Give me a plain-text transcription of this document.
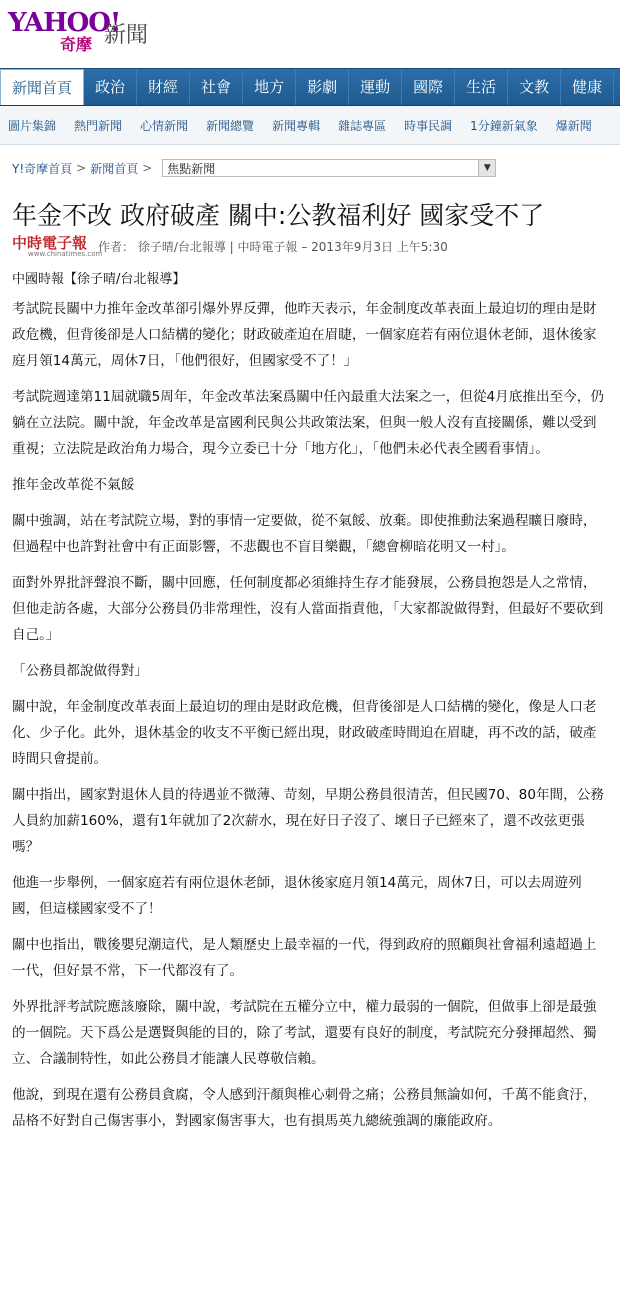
YAHOO!
奇摩 新聞
新聞首頁	政治	財經	社會	地方	影劇	運動	國際	生活	文教	健康
圖片集錦 熱門新聞 心情新聞 新聞總覽 新聞專輯 雜誌專區 時事民調 1分鐘新氣象 爆新聞
Y!奇摩首頁 > 新聞首頁 > 焦點新聞	▼
年金不改 政府破產 關中:公教福利好 國家受不了
中時電子報
www.chinatimes.com
作者： 徐子晴/台北報導 | 中時電子報 – 2013年9月3日 上午5:30
中國時報【徐子晴/台北報導】

考試院長關中力推年金改革卻引爆外界反彈，他昨天表示，年金制度改革表面上最迫切的理由是財政危機，但背後卻是人口結構的變化；財政破產迫在眉睫，一個家庭若有兩位退休老師，退休後家庭月領14萬元，周休7日，「他們很好，但國家受不了！」

考試院週達第11屆就職5周年，年金改革法案爲關中任內最重大法案之一，但從4月底推出至今，仍躺在立法院。關中說，年金改革是富國利民與公共政策法案，但與一般人沒有直接關係，難以受到重視；立法院是政治角力場合，現今立委已十分「地方化」，「他們未必代表全國看事情」。

推年金改革從不氣餒

關中強調，站在考試院立場，對的事情一定要做，從不氣餒、放棄。即使推動法案過程曠日廢時，但過程中也許對社會中有正面影響，不悲觀也不盲目樂觀，「總會柳暗花明又一村」。

面對外界批評聲浪不斷，關中回應，任何制度都必須維持生存才能發展，公務員抱怨是人之常情，但他走訪各處，大部分公務員仍非常理性，沒有人當面指責他，「大家都說做得對，但最好不要砍到自己。」

「公務員都說做得對」

關中說，年金制度改革表面上最迫切的理由是財政危機，但背後卻是人口結構的變化，像是人口老化、少子化。此外，退休基金的收支不平衡已經出現，財政破產時間迫在眉睫，再不改的話，破產時間只會提前。

關中指出，國家對退休人員的待遇並不微薄、苛刻，早期公務員很清苦，但民國70、80年間，公務人員約加薪160%，還有1年就加了2次薪水，現在好日子沒了、壞日子已經來了，還不改弦更張嗎？

他進一步舉例，一個家庭若有兩位退休老師，退休後家庭月領14萬元，周休7日，可以去周遊列國，但這樣國家受不了！

關中也指出，戰後嬰兒潮這代，是人類歷史上最幸福的一代，得到政府的照顧與社會福利遠超過上一代，但好景不常，下一代都沒有了。

外界批評考試院應該廢除，關中說，考試院在五權分立中，權力最弱的一個院，但做事上卻是最強的一個院。天下爲公是選賢與能的目的，除了考試，還要有良好的制度，考試院充分發揮超然、獨立、合議制特性，如此公務員才能讓人民尊敬信賴。

他說，到現在還有公務員貪腐，令人感到汗顏與椎心刺骨之痛；公務員無論如何，千萬不能貪汙，品格不好對自己傷害事小，對國家傷害事大，也有損馬英九總統強調的廉能政府。
